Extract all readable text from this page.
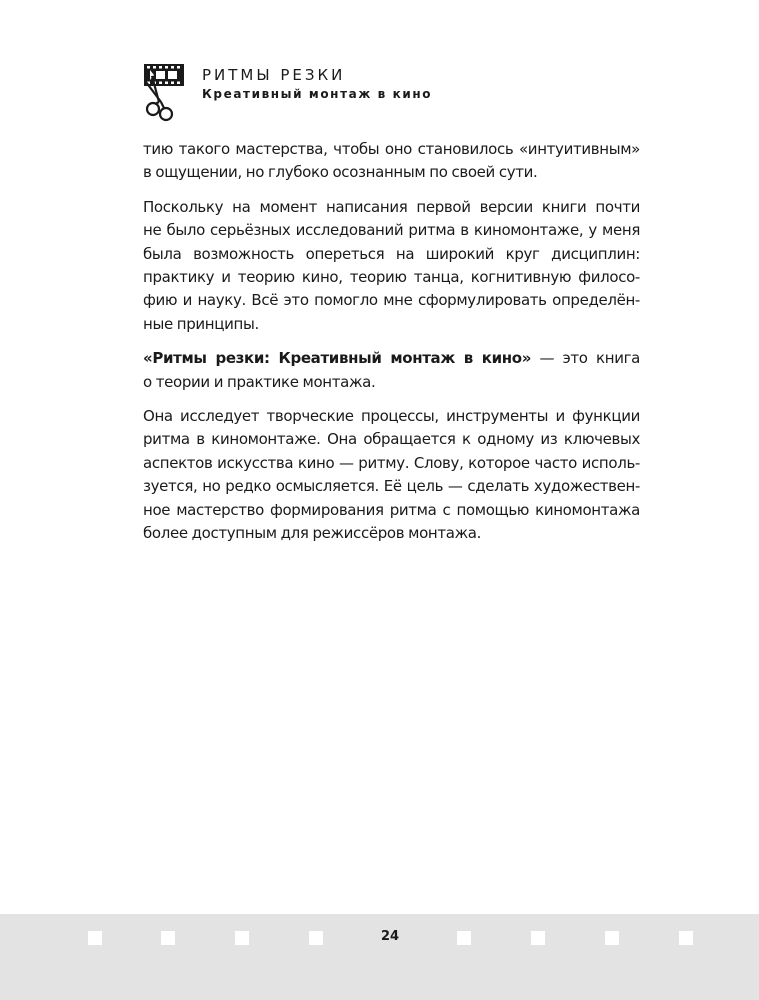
РИТМЫ РЕЗКИ
Креативный монтаж в кино

тию такого мастерства, чтобы оно становилось «интуитивным»
в ощущении, но глубоко осознанным по своей сути.

Поскольку на момент написания первой версии книги почти
не было серьёзных исследований ритма в киномонтаже, у меня
была возможность опереться на широкий круг дисциплин:
практику и теорию кино, теорию танца, когнитивную филосо-
фию и науку. Всё это помогло мне сформулировать определён-
ные принципы.

«Ритмы резки: Креативный монтаж в кино» — это книга
о теории и практике монтажа.

Она исследует творческие процессы, инструменты и функции
ритма в киномонтаже. Она обращается к одному из ключевых
аспектов искусства кино — ритму. Слову, которое часто исполь-
зуется, но редко осмысляется. Её цель — сделать художествен-
ное мастерство формирования ритма с помощью киномонтажа
более доступным для режиссёров монтажа.

24
